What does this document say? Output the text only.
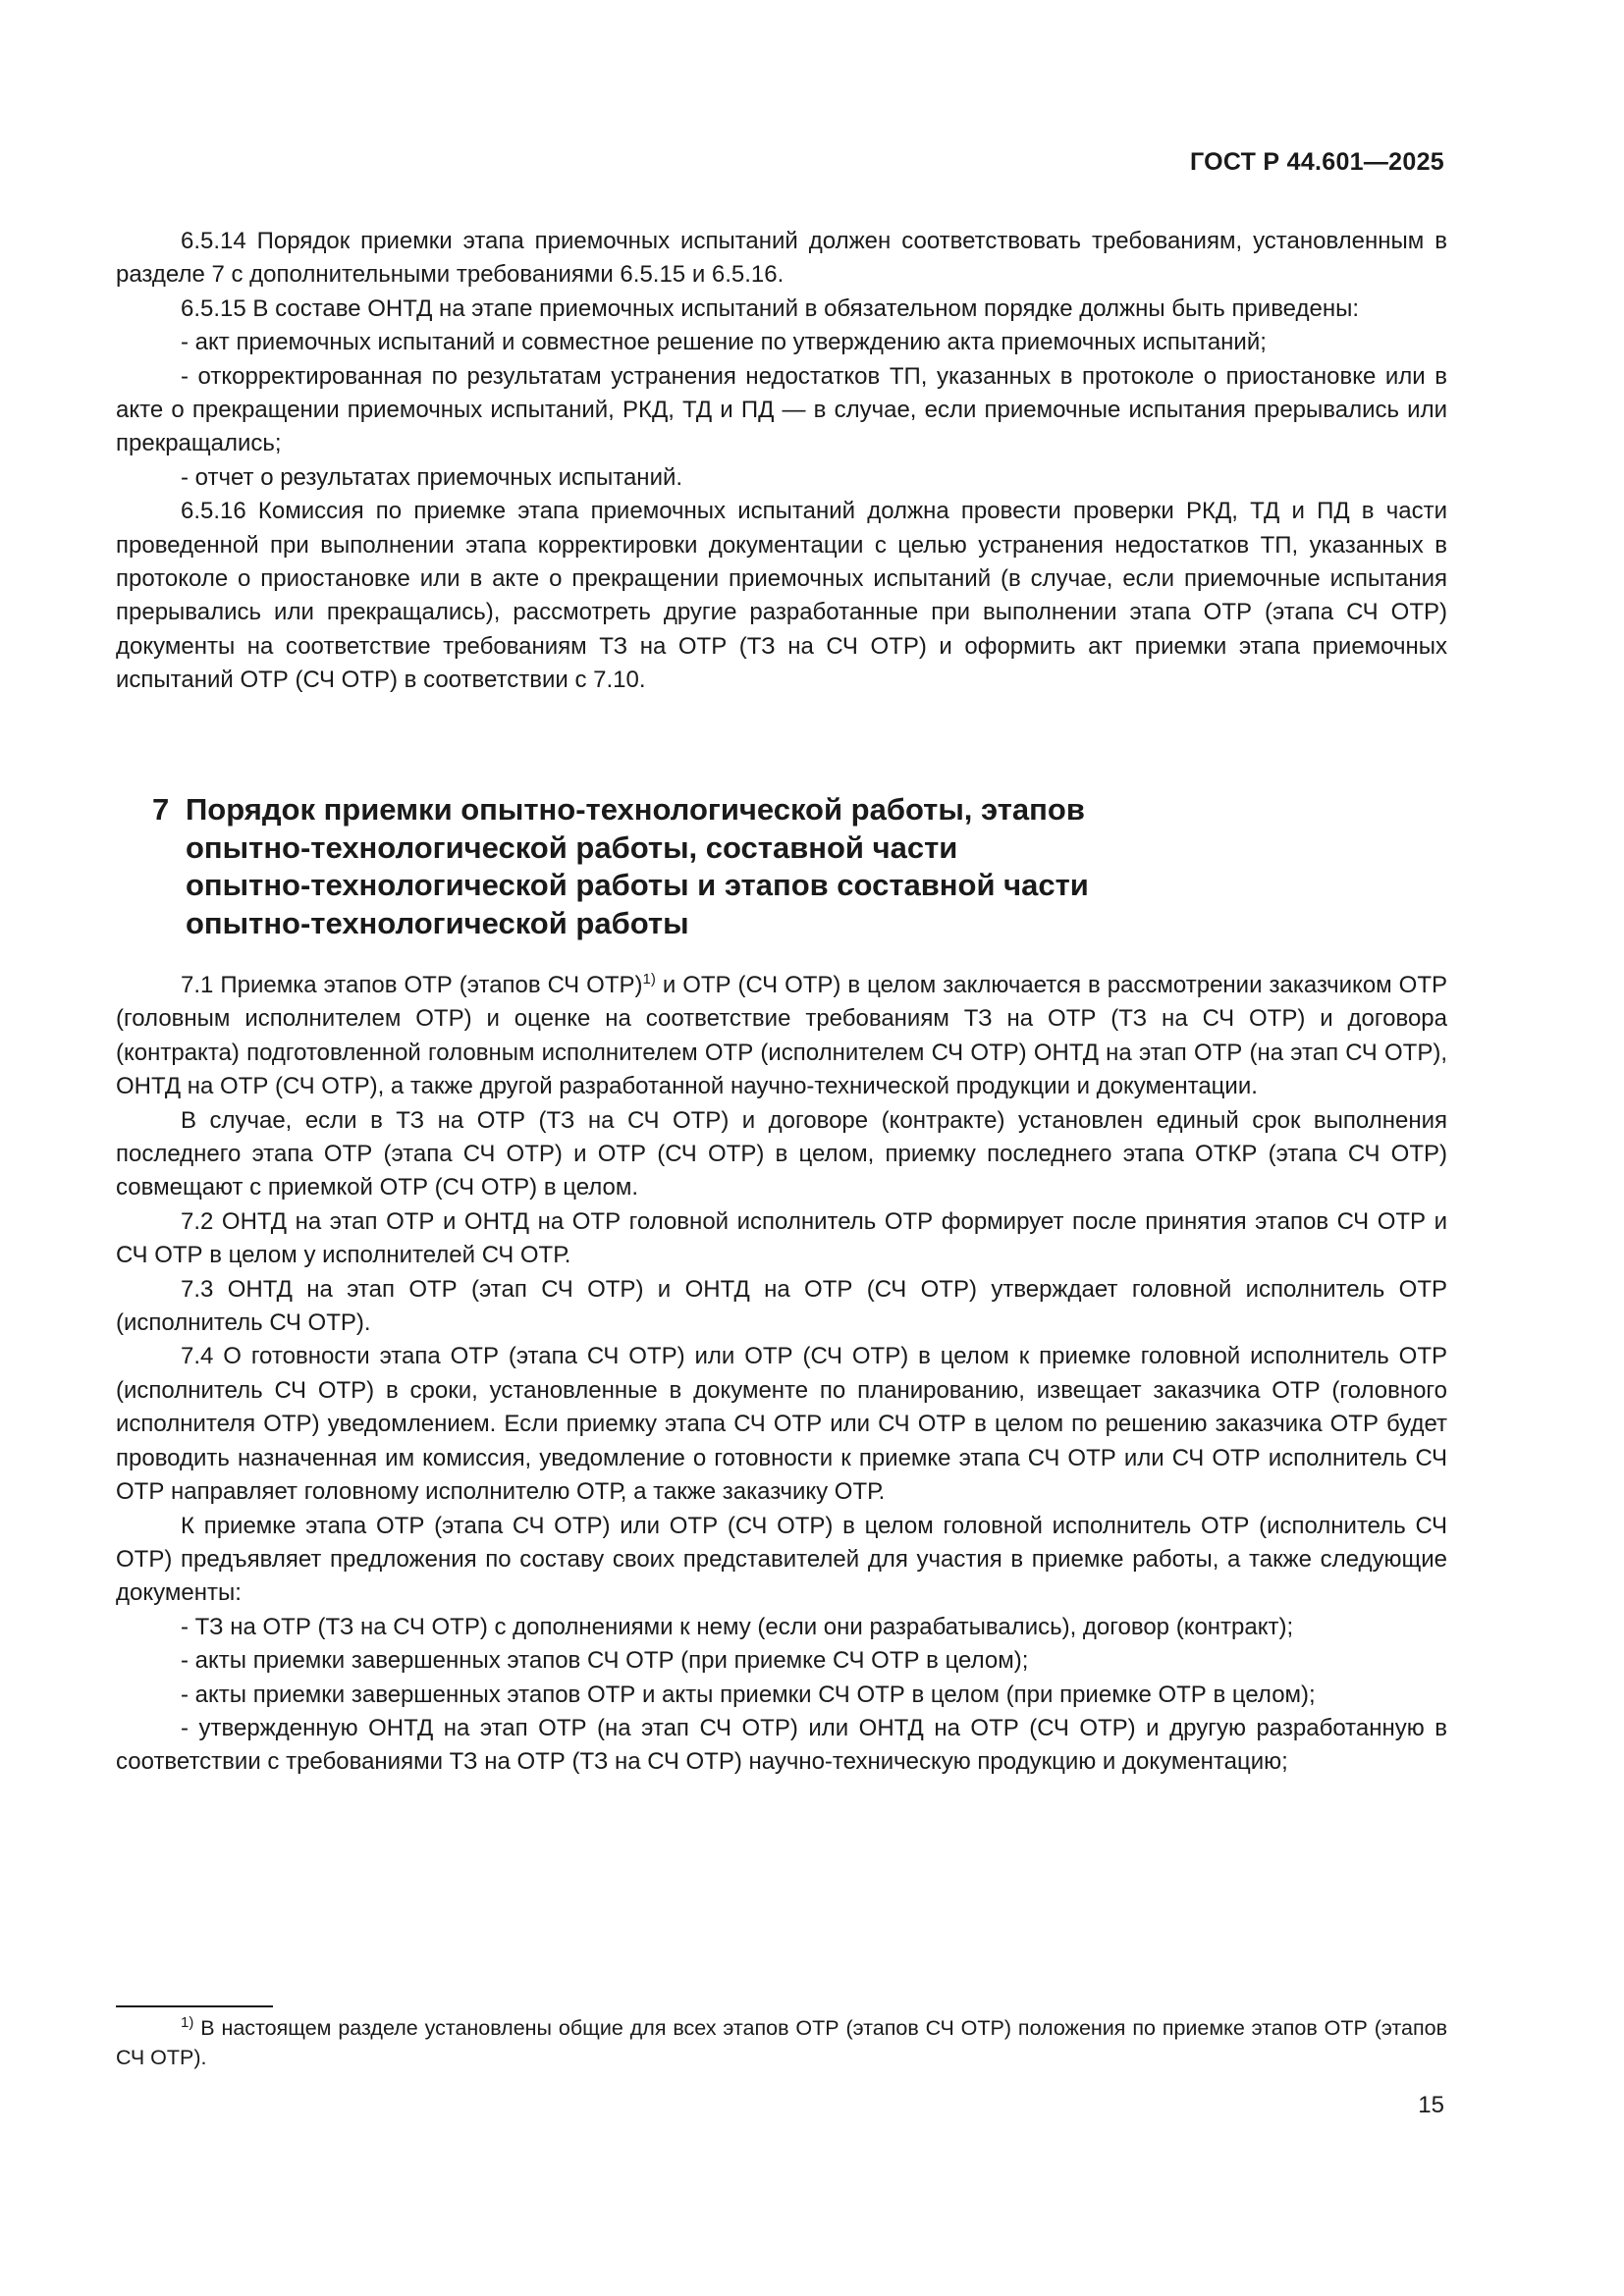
ГОСТ Р 44.601—2025

6.5.14 Порядок приемки этапа приемочных испытаний должен соответствовать требованиям, установленным в разделе 7 с дополнительными требованиями 6.5.15 и 6.5.16.

6.5.15 В составе ОНТД на этапе приемочных испытаний в обязательном порядке должны быть приведены:

- акт приемочных испытаний и совместное решение по утверждению акта приемочных испытаний;

- откорректированная по результатам устранения недостатков ТП, указанных в протоколе о приостановке или в акте о прекращении приемочных испытаний, РКД, ТД и ПД — в случае, если приемочные испытания прерывались или прекращались;

- отчет о результатах приемочных испытаний.

6.5.16 Комиссия по приемке этапа приемочных испытаний должна провести проверки РКД, ТД и ПД в части проведенной при выполнении этапа корректировки документации с целью устранения недостатков ТП, указанных в протоколе о приостановке или в акте о прекращении приемочных испытаний (в случае, если приемочные испытания прерывались или прекращались), рассмотреть другие разработанные при выполнении этапа ОТР (этапа СЧ ОТР) документы на соответствие требованиям ТЗ на ОТР (ТЗ на СЧ ОТР) и оформить акт приемки этапа приемочных испытаний ОТР (СЧ ОТР) в соответствии с 7.10.

7 Порядок приемки опытно-технологической работы, этапов
опытно-технологической работы, составной части
опытно-технологической работы и этапов составной части
опытно-технологической работы

7.1 Приемка этапов ОТР (этапов СЧ ОТР)$^{1)}$ и ОТР (СЧ ОТР) в целом заключается в рассмотрении заказчиком ОТР (головным исполнителем ОТР) и оценке на соответствие требованиям ТЗ на ОТР (ТЗ на СЧ ОТР) и договора (контракта) подготовленной головным исполнителем ОТР (исполнителем СЧ ОТР) ОНТД на этап ОТР (на этап СЧ ОТР), ОНТД на ОТР (СЧ ОТР), а также другой разработанной научно-технической продукции и документации.

В случае, если в ТЗ на ОТР (ТЗ на СЧ ОТР) и договоре (контракте) установлен единый срок выполнения последнего этапа ОТР (этапа СЧ ОТР) и ОТР (СЧ ОТР) в целом, приемку последнего этапа ОТКР (этапа СЧ ОТР) совмещают с приемкой ОТР (СЧ ОТР) в целом.

7.2 ОНТД на этап ОТР и ОНТД на ОТР головной исполнитель ОТР формирует после принятия этапов СЧ ОТР и СЧ ОТР в целом у исполнителей СЧ ОТР.

7.3 ОНТД на этап ОТР (этап СЧ ОТР) и ОНТД на ОТР (СЧ ОТР) утверждает головной исполнитель ОТР (исполнитель СЧ ОТР).

7.4 О готовности этапа ОТР (этапа СЧ ОТР) или ОТР (СЧ ОТР) в целом к приемке головной исполнитель ОТР (исполнитель СЧ ОТР) в сроки, установленные в документе по планированию, извещает заказчика ОТР (головного исполнителя ОТР) уведомлением. Если приемку этапа СЧ ОТР или СЧ ОТР в целом по решению заказчика ОТР будет проводить назначенная им комиссия, уведомление о готовности к приемке этапа СЧ ОТР или СЧ ОТР исполнитель СЧ ОТР направляет головному исполнителю ОТР, а также заказчику ОТР.

К приемке этапа ОТР (этапа СЧ ОТР) или ОТР (СЧ ОТР) в целом головной исполнитель ОТР (исполнитель СЧ ОТР) предъявляет предложения по составу своих представителей для участия в приемке работы, а также следующие документы:

- ТЗ на ОТР (ТЗ на СЧ ОТР) с дополнениями к нему (если они разрабатывались), договор (контракт);

- акты приемки завершенных этапов СЧ ОТР (при приемке СЧ ОТР в целом);

- акты приемки завершенных этапов ОТР и акты приемки СЧ ОТР в целом (при приемке ОТР в целом);

- утвержденную ОНТД на этап ОТР (на этап СЧ ОТР) или ОНТД на ОТР (СЧ ОТР) и другую разработанную в соответствии с требованиями ТЗ на ОТР (ТЗ на СЧ ОТР) научно-техническую продукцию и документацию;

$^{1)}$ В настоящем разделе установлены общие для всех этапов ОТР (этапов СЧ ОТР) положения по приемке этапов ОТР (этапов СЧ ОТР).

15
